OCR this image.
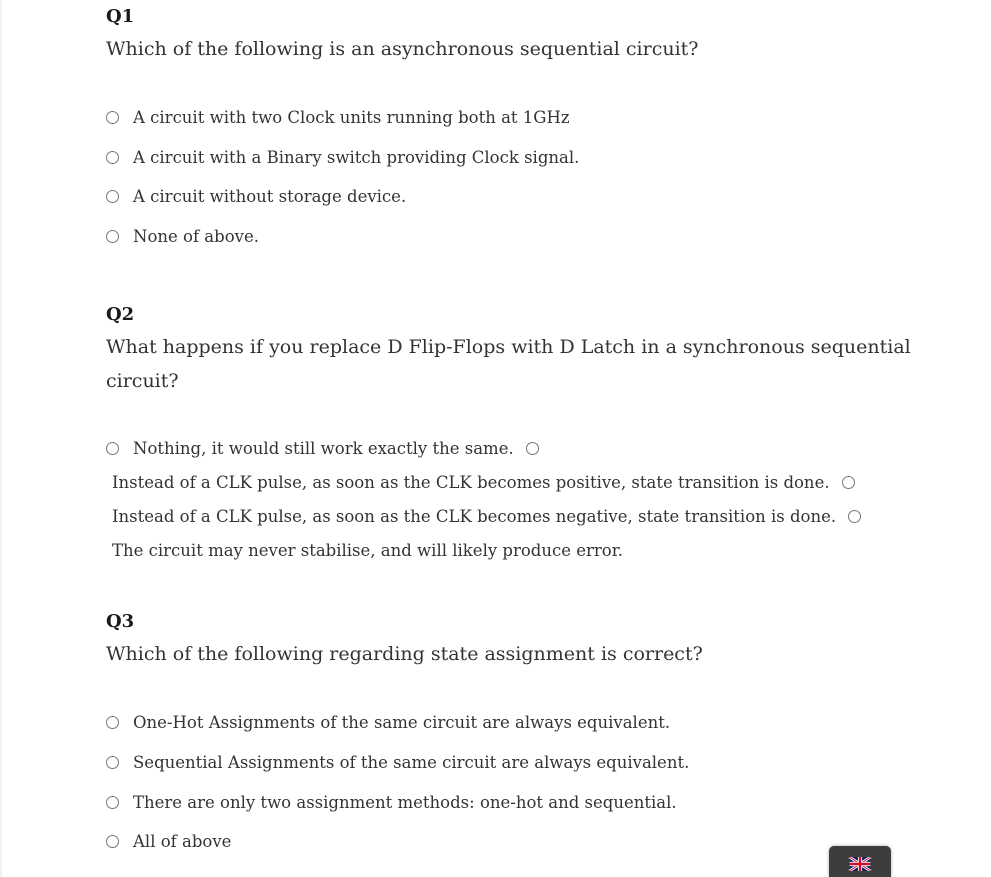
Q1

Which of the following is an asynchronous sequential circuit?

A circuit with two Clock units running both at 1GHz
A circuit with a Binary switch providing Clock signal.
A circuit without storage device.
None of above.
Q2

What happens if you replace D Flip-Flops with D Latch in a synchronous sequential circuit?

Nothing, it would still work exactly the same.
Instead of a CLK pulse, as soon as the CLK becomes positive, state transition is done.
Instead of a CLK pulse, as soon as the CLK becomes negative, state transition is done.
The circuit may never stabilise, and will likely produce error.
Q3

Which of the following regarding state assignment is correct?

One-Hot Assignments of the same circuit are always equivalent.
Sequential Assignments of the same circuit are always equivalent.
There are only two assignment methods: one-hot and sequential.
All of above
